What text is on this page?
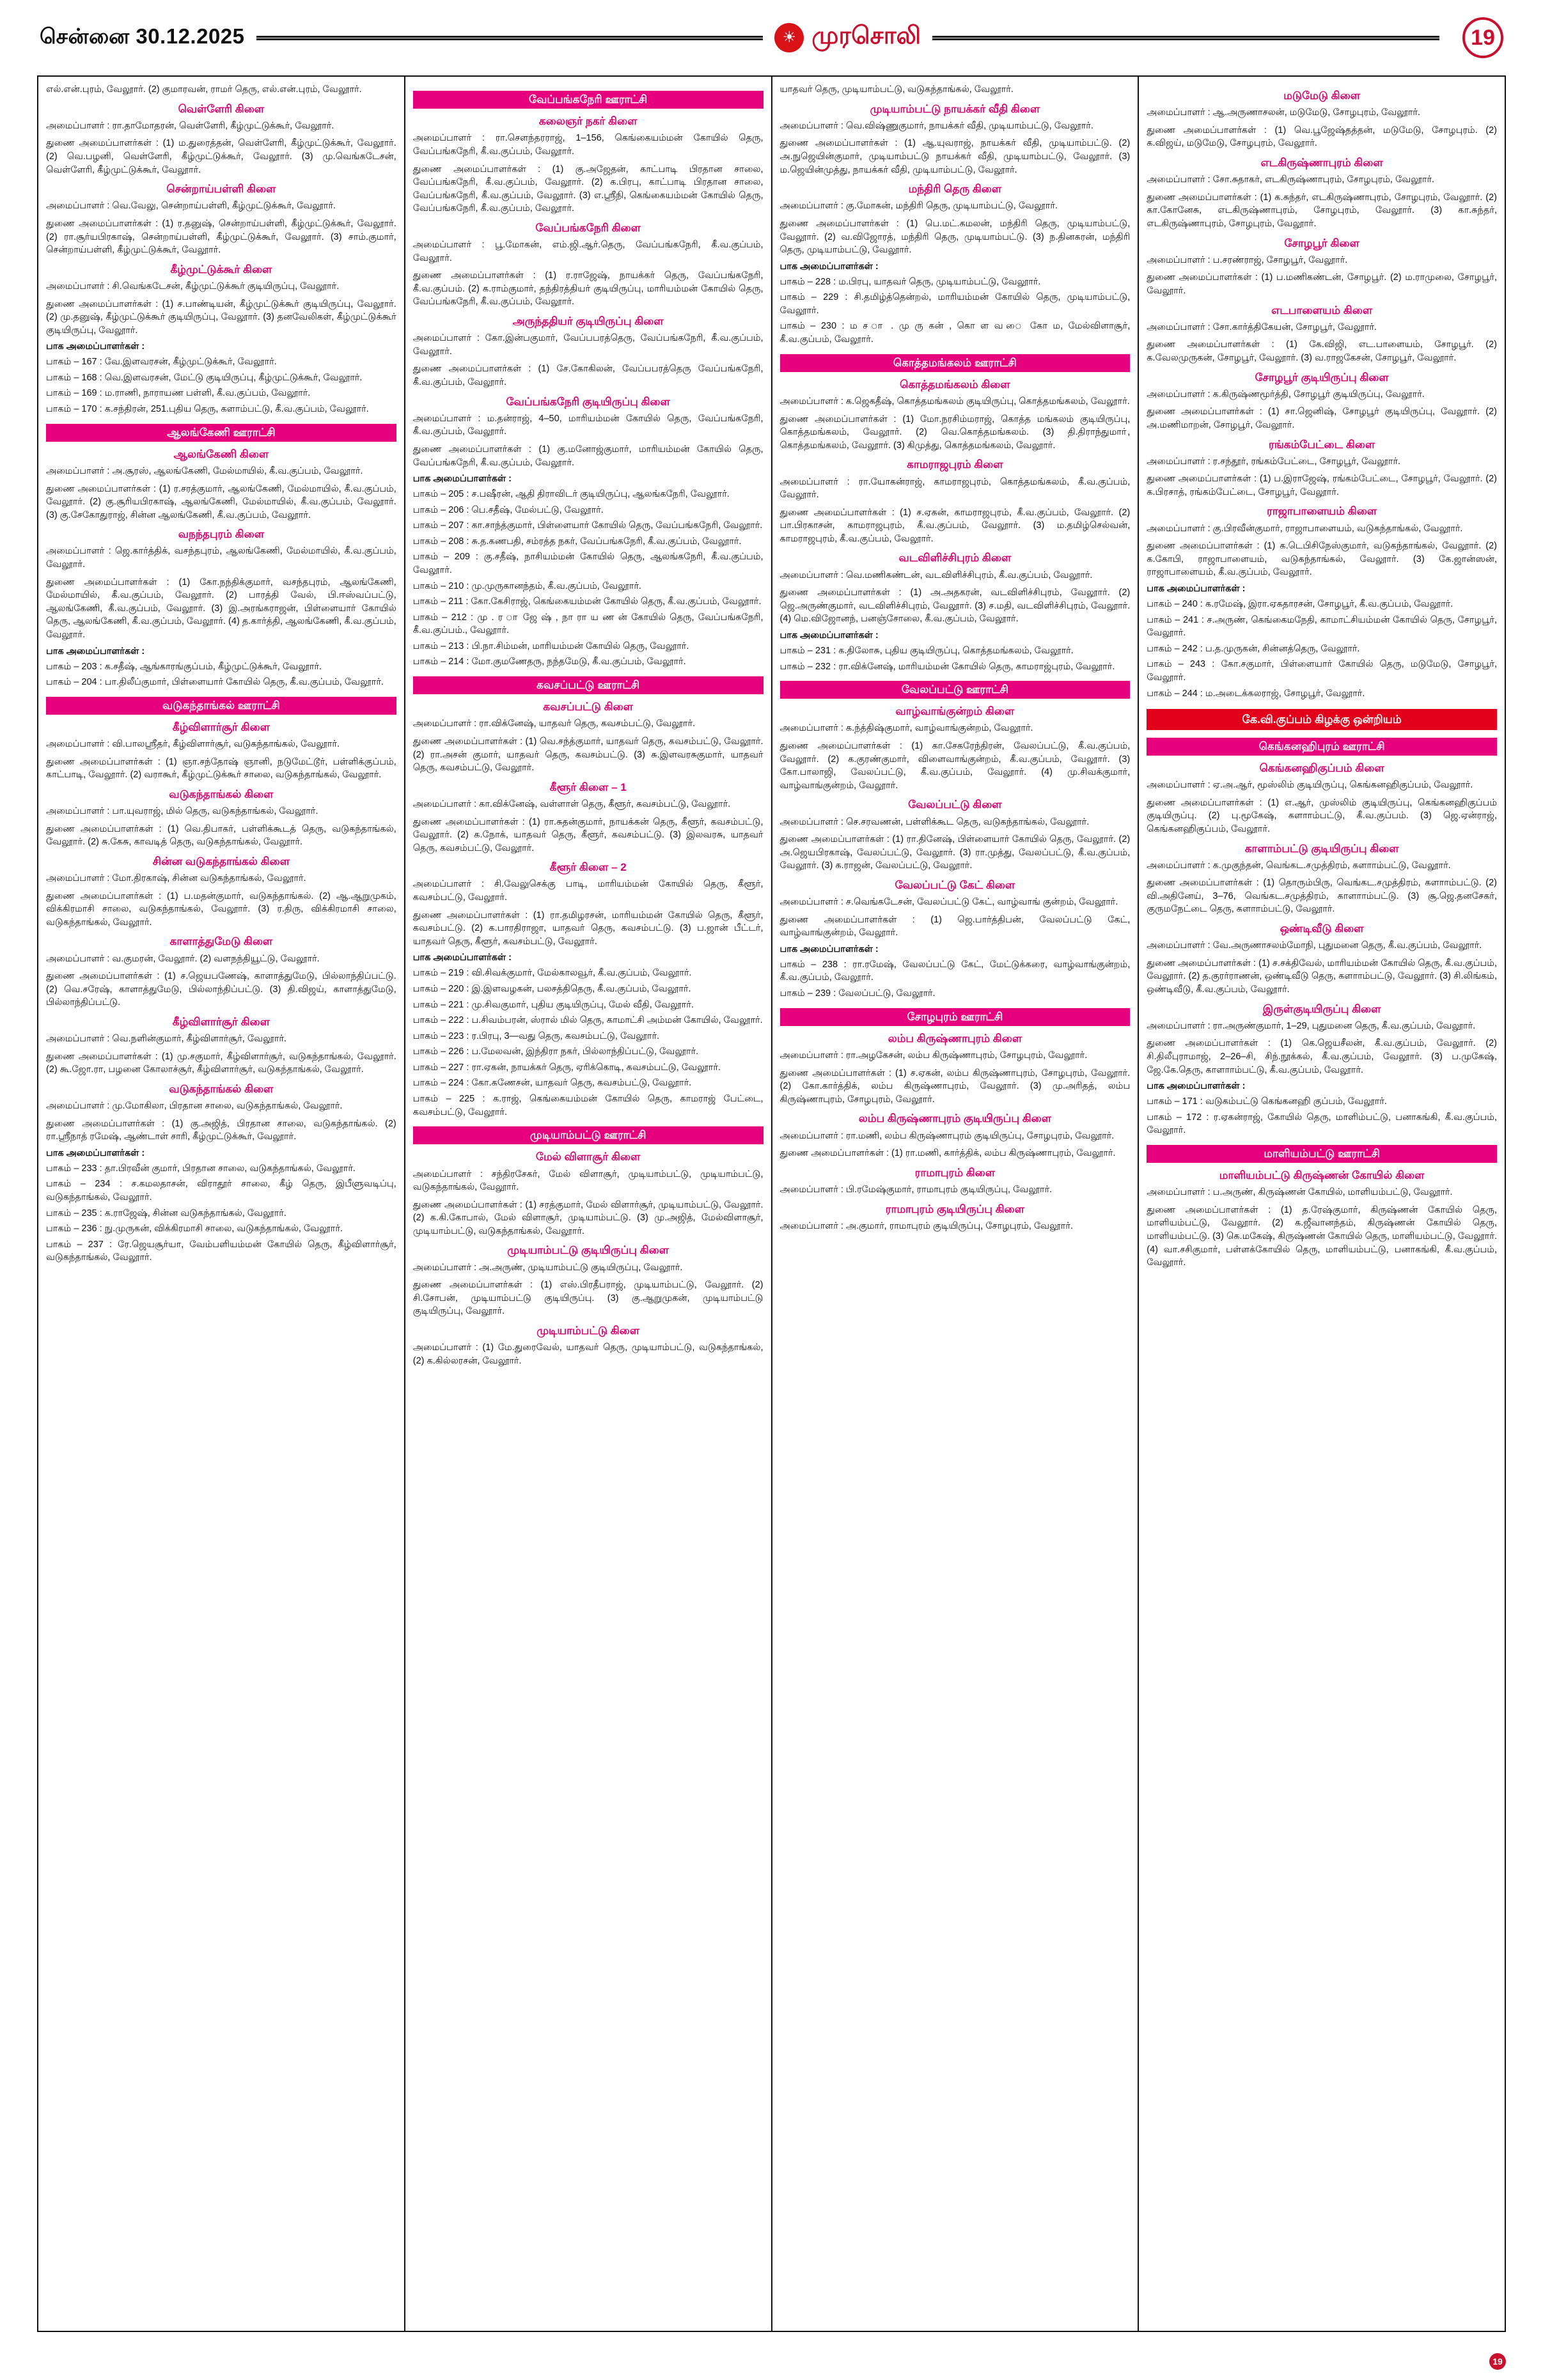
சென்னை 30.12.2025	☀ முரசொலி	19
எல்.என்.புரம், வேலூார். (2) குமாரவன், ராமர் தெரு, எல்.என்.புரம், வேலூார்.
வெள்ளேரி கிளை
அமைப்பாளர் : ரா.தாமோதரன், வெள்ளேரி, கீழ்முட்டுக்கூர், வேலூார்.
துணை அமைப்பாளர்கள் : (1) ம.துரைத்தன், வெள்ளேரி, கீழ்முட்டுக்கூர், வேலூார். (2) வெ.பழனி, வெள்ளேரி, கீழ்முட்டுக்கூர், வேலூார். (3) மு.வெங்கடேசன், வெள்ளேரி, கீழ்முட்டுக்கூர், வேலூார்.
சென்றாய்பள்ளி கிளை
அமைப்பாளர் : வெ.வேலு, சென்றாய்பள்ளி, கீழ்முட்டுக்கூர், வேலூார்.
துணை அமைப்பாளர்கள் : (1) ர.தனுஷ், சென்றாய்பள்ளி, கீழ்முட்டுக்கூர், வேலூார். (2) ரா.சூர்யபிரகாஷ், சென்றாய்பள்ளி, கீழ்முட்டுக்கூர், வேலூார். (3) சாம்.குமார், சென்றாய்பள்ளி, கீழ்முட்டுக்கூர், வேலூார்.
கீழ்முட்டுக்கூர் கிளை
அமைப்பாளர் : சி.வெங்கடேசன், கீழ்முட்டுக்கூர் குடியிருப்பு, வேலூார்.
துணை அமைப்பாளர்கள் : (1) ச.பாண்டியன், கீழ்முட்டுக்கூர் குடியிருப்பு, வேலூார். (2) மு.தனுஷ், கீழ்முட்டுக்கூர் குடியிருப்பு, வேலூார். (3) தனவேலிகள், கீழ்முட்டுக்கூர் குடியிருப்பு, வேலூார்.
பாக அமைப்பாளர்கள் :
பாகம் – 167 : வே.இளவரசன், கீழ்முட்டுக்கூர், வேலூார்.
பாகம் – 168 : வெ.இளவரசன், மேட்டு குடியிருப்பு, கீழ்முட்டுக்கூர், வேலூார்.
பாகம் – 169 : ம.ராணி, நாராயண பள்ளி, கீ.வ.குப்பம், வேலூார்.
பாகம் – 170 : க.சந்திரன், 251.புதிய தெரு, களாம்பட்டு, கீ.வ.குப்பம், வேலூார்.
ஆலங்கேணி ஊராட்சி
ஆலங்கேணி கிளை
அமைப்பாளர் : அ.சூரஸ், ஆலங்கேணி, மேல்மாயில், கீ.வ.குப்பம், வேலூார்.
துணை அமைப்பாளர்கள் : (1) ர.சரத்குமார், ஆலங்கேணி, மேல்மாயில், கீ.வ.குப்பம், வேலூார். (2) கு.சூரியபிரகாஷ், ஆலங்கேணி, மேல்மாயில், கீ.வ.குப்பம், வேலூார். (3) கு.சேகோதுராஜ், சின்ன ஆலங்கேணி, கீ.வ.குப்பம், வேலூார்.
வநந்தபுரம் கிளை
அமைப்பாளர் : ஜெ.கார்த்திக், வசந்தபுரம், ஆலங்கேணி, மேல்மாயில், கீ.வ.குப்பம், வேலூார்.
துணை அமைப்பாளர்கள் : (1) கோ.நந்திக்குமார், வசந்தபுரம், ஆலங்கேணி, மேல்மாயில், கீ.வ.குப்பம், வேலூார். (2) பாரத்தி வேல், பி.ஈஸ்வப்பட்டு, ஆலங்கேணி, கீ.வ.குப்பம், வேலூார். (3) இ.அரங்கராஜன், பிள்ளையார் கோயில் தெரு, ஆலங்கேணி, கீ.வ.குப்பம், வேலூார். (4) த.கார்த்தி, ஆலங்கேணி, கீ.வ.குப்பம், வேலூார்.
பாக அமைப்பாளர்கள் :
பாகம் – 203 : க.சதீஷ், ஆங்காரங்குப்பம், கீழ்முட்டுக்கூர், வேலூார்.
பாகம் – 204 : பா.திலீப்குமார், பிள்ளையார் கோயில் தெரு, கீ.வ.குப்பம், வேலூார்.
வடுகந்தாங்கல் ஊராட்சி
கீழ்விளார்சூர் கிளை
அமைப்பாளர் : வி.பாலஸ்ரீதர், கீழ்விளார்சூர், வடுகந்தாங்கல், வேலூார்.
துணை அமைப்பாளர்கள் : (1) ஞா.சந்தோஷ் ஞானி, நடுமேட்டூர், பள்ளிக்குப்பம், காட்பாடி, வேலூார். (2) வராகூர், கீழ்முட்டுக்கூர் சாலை, வடுகந்தாங்கல், வேலூார்.
வடுகந்தாங்கல் கிளை
அமைப்பாளர் : பா.யுவராஜ், மில் தெரு, வடுகந்தாங்கல், வேலூார்.
துணை அமைப்பாளர்கள் : (1) வெ.திபாகர், பள்ளிக்கூடத் தெரு, வடுகந்தாங்கல், வேலூார். (2) சு.கேசு, காவடித் தெரு, வடுகந்தாங்கல், வேலூார்.
சின்ன வடுகந்தாங்கல் கிளை
அமைப்பாளர் : மோ.திரகாஷ், சின்ன வடுகந்தாங்கல், வேலூார்.
துணை அமைப்பாளர்கள் : (1) ப.மதன்குமார், வடுகந்தாங்கல். (2) ஆ.ஆறுமுகம், விக்கிரமாசி சாலை, வடுகந்தாங்கல், வேலூார். (3) ர.திரு, விக்கிரமாசி சாலை, வடுகந்தாங்கல், வேலூார்.
காளாத்துமேடு கிளை
அமைப்பாளர் : வ.குமரன், வேலூார். (2) வளநந்தியூட்டு, வேலூார்.
துணை அமைப்பாளர்கள் : (1) ச.ஜெயபணேஷ், காளாத்துமேடு, பில்லாந்திப்பட்டு. (2) வெ.சரேஷ், காளாத்துமேடு, பில்லாந்திப்பட்டு. (3) தி.விஜய், காளாத்துமேடு, பில்லாந்திப்பட்டு.
கீழ்விளார்சூர் கிளை
அமைப்பாளர் : வெ.நளின்குமார், கீழ்விளார்சூர், வேலூார்.
துணை அமைப்பாளர்கள் : (1) மு.சகுமார், கீழ்விளார்சூர், வடுகந்தாங்கல், வேலூார். (2) கூ.ஜோ.ரா, பழனை கோலாச்சூர், கீழ்விளார்சூர், வடுகந்தாங்கல், வேலூார்.
வடுகந்தாங்கல் கிளை
அமைப்பாளர் : மு.மோகிலா, பிரதான சாலை, வடுகந்தாங்கல், வேலூார்.
துணை அமைப்பாளர்கள் : (1) கு.அஜித், பிரதான சாலை, வடுகந்தாங்கல். (2) ரா.ஸ்ரீநாத் ரமேஷ், ஆண்டாள் சாரி, கீழ்முட்டுக்கூர், வேலூார்.
பாக அமைப்பாளர்கள் :
பாகம் – 233 : தா.பிரவீன் குமார், பிரதான சாலை, வடுகந்தாங்கல், வேலூார்.
பாகம் – 234 : ச.கமலதாசன், விராதூர் சாலை, கீழ் தெரு, இபீளுவடிப்பு, வடுகந்தாங்கல், வேலூார்.
பாகம் – 235 : க.ராஜேஷ், சின்ன வடுகந்தாங்கல், வேலூார்.
பாகம் – 236 : நு.முருகன், விக்கிரமாசி சாலை, வடுகந்தாங்கல், வேலூார்.
பாகம் – 237 : ரே.ஜெயசூர்யா, வேம்பளியம்மன் கோயில் தெரு, கீழ்விளார்சூர், வடுகந்தாங்கல், வேலூார்.
வேப்பங்கநேரி ஊராட்சி
கலைஞர் நகர் கிளை
அமைப்பாளர் : ரா.செளந்தரராஜ், 1–156, கெங்கையம்மன் கோயில் தெரு, வேப்பங்கநேரி, கீ.வ.குப்பம், வேலூார்.
துணை அமைப்பாளர்கள் : (1) கு.அஜேதன், காட்பாடி பிரதான சாலை, வேப்பங்கநேரி, கீ.வ.குப்பம், வேலூார். (2) க.பிரபு, காட்பாடி பிரதான சாலை, வேப்பங்கநேரி, கீ.வ.குப்பம், வேலூார். (3) எ.ஸ்ரீநி, கெங்கையம்மன் கோயில் தெரு, வேப்பங்கநேரி, கீ.வ.குப்பம், வேலூார்.
வேப்பங்கநேரி கிளை
அமைப்பாளர் : பூ.மோகன், எம்.ஜி.ஆர்.தெரு, வேப்பங்கநேரி, கீ.வ.குப்பம், வேலூார்.
துணை அமைப்பாளர்கள் : (1) ர.ராஜேஷ், நாயக்கர் தெரு, வேப்பங்கநேரி, கீ.வ.குப்பம். (2) க.ராம்குமார், தந்திரத்தியர் குடியிருப்பு, மாரியம்மன் கோயில் தெரு, வேப்பங்கநேரி, கீ.வ.குப்பம், வேலூார்.
அருந்ததியர் குடியிருப்பு கிளை
அமைப்பாளர் : கோ.இன்பகுமார், வேப்பபரத்தெரு, வேப்பங்கநேரி, கீ.வ.குப்பம், வேலூார்.
துணை அமைப்பாளர்கள் : (1) சே.கோகிலன், வேப்பபரத்தெரு வேப்பங்கநேரி, கீ.வ.குப்பம், வேலூார்.
வேப்பங்கநேரி குடியிருப்பு கிளை
அமைப்பாளர் : ம.தன்ராஜ், 4–50, மாரியம்மன் கோயில் தெரு, வேப்பங்கநேரி, கீ.வ.குப்பம், வேலூார்.
துணை அமைப்பாளர்கள் : (1) கு.மனோஜ்குமார், மாரியம்மன் கோயில் தெரு, வேப்பங்கநேரி, கீ.வ.குப்பம், வேலூார்.
பாக அமைப்பாளர்கள் :
பாகம் – 205 : ச.பஷீரன், ஆதி திராவிடர் குடியிருப்பு, ஆலங்கநேரி, வேலூார்.
பாகம் – 206 : பெ.சதீஷ், மேல்பட்டு, வேலூார்.
பாகம் – 207 : கா.சாந்த்குமார், பிள்ளையார் கோயில் தெரு, வேப்பங்கநேரி, வேலூார்.
பாகம் – 208 : சு.த.கணபதி, சம்ரத்த நகர், வேப்பங்கநேரி, கீ.வ.குப்பம், வேலூார்.
பாகம் – 209 : கு.சதீஷ், நாசியம்மன் கோயில் தெரு, ஆலங்கநேரி, கீ.வ.குப்பம், வேலூார்.
பாகம் – 210 : மு.முருகானந்தம், கீ.வ.குப்பம், வேலூார்.
பாகம் – 211 : கோ.கேசிராஜ், கெங்கையம்மன் கோயில் தெரு, கீ.வ.குப்பம், வேலூார்.
பாகம் – 212 : மு . ர ா ஜே ஷ் , நா ரா ய ண ன் கோயில் தெரு, வேப்பங்கநேரி, கீ.வ.குப்பம்., வேலூார்.
பாகம் – 213 : பி.நா.சிம்மன், மாரியம்மன் கோயில் தெரு, வேலூார்.
பாகம் – 214 : மோ.குமணேதரு, நந்தமேடு, கீ.வ.குப்பம், வேலூார்.
கவசப்பட்டு ஊராட்சி
கவசப்பட்டு கிளை
அமைப்பாளர் : ரா.விக்னேஷ், யாதவர் தெரு, கவசம்பட்டு, வேலூார்.
துணை அமைப்பாளர்கள் : (1) வெ.சந்த்குமார், யாதவர் தெரு, கவசம்பட்டு, வேலூார். (2) ரா.அசன் குமார், யாதவர் தெரு, கவசம்பட்டு. (3) சு.இளவரசுகுமார், யாதவர் தெரு, கவசம்பட்டு, வேலூார்.
கீளூர் கிளை – 1
அமைப்பாளர் : கா.விக்னேஷ், வள்ளாள் தெரு, கீளூர், கவசம்பட்டு, வேலூார்.
துணை அமைப்பாளர்கள் : (1) ரா.சுதன்குமார், நாயக்கன் தெரு, கீளூர், கவசம்பட்டு, வேலூார். (2) க.நோக், யாதவர் தெரு, கீளூர், கவசம்பட்டு. (3) இலவரசு, யாதவர் தெரு, கவசம்பட்டு, வேலூார்.
கீளூர் கிளை – 2
அமைப்பாளர் : சி.வேலுசெக்கு பாடி, மாரியம்மன் கோயில் தெரு, கீளூர், கவசம்பட்டு, வேலூார்.
துணை அமைப்பாளர்கள் : (1) ரா.தமிழரசன், மாரியம்மன் கோயில் தெரு, கீளூர், கவசம்பட்டு. (2) க.பாரதிராஜா, யாதவர் தெரு, கவசம்பட்டு. (3) ப.ஜான் பீட்டர், யாதவர் தெரு, கீளூர், கவசம்பட்டு, வேலூார்.
பாக அமைப்பாளர்கள் :
பாகம் – 219 : வி.சிவக்குமார், மேல்காலவூர், கீ.வ.குப்பம், வேலூார்.
பாகம் – 220 : இ.இளவழகன், பலசத்திதெரு, கீ.வ.குப்பம், வேலூார்.
பாகம் – 221 : மு.சிவகுமார், புதிய குடியிருப்பு, மேல் வீதி, வேலூார்.
பாகம் – 222 : ப.சிவம்பரன், ஸ்ரால் மில் தெரு, காமாட்சி அம்மன் கோயில், வேலூார்.
பாகம் – 223 : ர.பிரபு, 3—வது தெரு, கவசம்பட்டு, வேலூார்.
பாகம் – 226 : ப.மேலவன், இந்திரா நகர், பில்லாந்திப்பட்டு, வேலூார்.
பாகம் – 227 : ரா.ஏகன், நாயக்கர் தெரு, ஏரிக்கொடி, கவசம்பட்டு, வேலூார்.
பாகம் – 224 : கோ.கணேசன், யாதவர் தெரு, கவசம்பட்டு, வேலூார்.
பாகம் – 225 : க.ராஜ், கெங்கையம்மன் கோயில் தெரு, காமராஜ் பேட்டை, கவசம்பட்டு, வேலூார்.
முடியாம்பட்டு ஊராட்சி
மேல் விளாசூர் கிளை
அமைப்பாளர் : சந்திரசேகர், மேல் விளாசூர், முடியாம்பட்டு, முடியாம்பட்டு, வடுகந்தாங்கல், வேலூார்.
துணை அமைப்பாளர்கள் : (1) சரத்குமார், மேல் விளார்சூர், முடியாம்பட்டு, வேலூார். (2) க.கி.கோபால், மேல் விளாசூர், முடியாம்பட்டு. (3) மு.அஜித், மேல்விளாசூர், முடியாம்பட்டு, வடுகந்தாங்கல், வேலூார்.
முடியாம்பட்டு குடியிருப்பு கிளை
அமைப்பாளர் : அ.அருண், முடியாம்பட்டு குடியிருப்பு, வேலூார்.
துணை அமைப்பாளர்கள் : (1) எஸ்.பிரதீபராஜ், முடியாம்பட்டு, வேலூார். (2) சி.சோபன், முடியாம்பட்டு குடியிருப்பு. (3) கு.ஆறுமுகன், முடியாம்பட்டு குடியிருப்பு, வேலூார்.
முடியாம்பட்டு கிளை
அமைப்பாளர் : (1) மே.துரைவேல், யாதவர் தெரு, முடியாம்பட்டு, வடுகந்தாங்கல், (2) க.கில்லரசன், வேலூார்.
யாதவர் தெரு, முடியாம்பட்டு, வடுகந்தாங்கல், வேலூார்.
முடியாம்பட்டு நாயக்கர் வீதி கிளை
அமைப்பாளர் : வெ.விஷ்ணுகுமார், நாயக்கர் வீதி, முடியாம்பட்டு, வேலூார்.
துணை அமைப்பாளர்கள் : (1) ஆ.யுவராஜ், நாயக்கர் வீதி, முடியாம்பட்டு. (2) அ.நுஜெயின்குமார், முடியாம்பட்டு நாயக்கர் வீதி, முடியாம்பட்டு, வேலூார். (3) ம.ஜெயின்முத்து, நாயக்கர் வீதி, முடியாம்பட்டு, வேலூார்.
மந்திரி தெரு கிளை
அமைப்பாளர் : கு.மோகன், மந்திரி தெரு, முடியாம்பட்டு, வேலூார்.
துணை அமைப்பாளர்கள் : (1) பெ.மட்.கமலன், மந்திரி தெரு, முடியாம்பட்டு, வேலூார். (2) வ.விஜோரத், மந்திரி தெரு, முடியாம்பட்டு. (3) ந.தினகரன், மந்திரி தெரு, முடியாம்பட்டு, வேலூார்.
பாக அமைப்பாளர்கள் :
பாகம் – 228 : ம.பிரபு, யாதவர் தெரு, முடியாம்பட்டு, வேலூார்.
பாகம் – 229 : சி.தமிழ்த்தென்றல், மாரியம்மன் கோயில் தெரு, முடியாம்பட்டு, வேலூார்.
பாகம் – 230 : ம ச ா . மு ரு கன் , கொ ள வ ை கோ ம, மேல்விளாசூர், கீ.வ.குப்பம், வேலூார்.
கொத்தமங்கலம் ஊராட்சி
கொத்தமங்கலம் கிளை
அமைப்பாளர் : க.ஜெகதீஷ், கொத்தமங்கலம் குடியிருப்பு, கொத்தமங்கலம், வேலூார்.
துணை அமைப்பாளர்கள் : (1) மோ.நரசிம்மராஜ், கொத்த மங்கலம் குடியிருப்பு, கொத்தமங்கலம், வேலூார். (2) வெ.கொத்தமங்கலம். (3) தி.திராந்துமாா், கொத்தமங்கலம், வேலூார். (3) கிமுத்து, கொத்தமங்கலம், வேலூார்.
காமராஜபுரம் கிளை
அமைப்பாளர் : ரா.யோகன்ராஜ், காமராஜபுரம், கொத்தமங்கலம், கீ.வ.குப்பம், வேலூார்.
துணை அமைப்பாளர்கள் : (1) ச.ஏகன், காமராஜபுரம், கீ.வ.குப்பம், வேலூார். (2) பா.பிரகாசன், காமராஜபுரம், கீ.வ.குப்பம், வேலூார். (3) ம.தமிழ்செல்வன், காமராஜபுரம், கீ.வ.குப்பம், வேலூார்.
வடவிளிச்சிபுரம் கிளை
அமைப்பாளர் : வெ.மணிகண்டன், வடவிளிச்சிபுரம், கீ.வ.குப்பம், வேலூார்.
துணை அமைப்பாளர்கள் : (1) அ.அதகரன், வடவிளிச்சிபுரம், வேலூார். (2) ஜெ.அருண்குமார், வடவிளிச்சிபுரம், வேலூார். (3) ச.மதி, வடவிளிச்சிபுரம், வேலூார். (4) மெ.விஜோனந், பனஞ்சோலை, கீ.வ.குப்பம், வேலூார்.
பாக அமைப்பாளர்கள் :
பாகம் – 231 : க.திலோசு, புதிய குடியிருப்பு, கொத்தமங்கலம், வேலூார்.
பாகம் – 232 : ரா.விக்னேஷ், மாரியம்மன் கோயில் தெரு, காமராஜ்புரம், வேலூார்.
வேலப்பட்டு ஊராட்சி
வாழ்வாங்குன்றம் கிளை
அமைப்பாளர் : க.ந்த்திஷ்குமார், வாழ்வாங்குன்றம், வேலூார்.
துணை அமைப்பாளர்கள் : (1) கா.சேகரேந்திரன், வேலப்பட்டு, கீ.வ.குப்பம், வேலூார். (2) க.குரண்குமார், விளைவாங்குன்றம், கீ.வ.குப்பம், வேலூார். (3) கோ.பாலாஜி, வேலப்பட்டு, கீ.வ.குப்பம், வேலூார். (4) மு.சிவக்குமார், வாழ்வாங்குன்றம், வேலூார்.
வேலப்பட்டு கிளை
அமைப்பாளர் : செ.சரவணன், பள்ளிக்கூட தெரு, வடுகந்தாங்கல், வேலூார்.
துணை அமைப்பாளர்கள் : (1) ரா.தினேஷ், பிள்ளையார் கோயில் தெரு, வேலூார். (2) அ.ஜெயபிரகாஷ், வேலப்பட்டு, வேலூார். (3) ரா.முத்து, வேலப்பட்டு, கீ.வ.குப்பம், வேலூார். (3) க.ராஜன், வேலப்பட்டு, வேலூார்.
வேலப்பட்டு கேட் கிளை
அமைப்பாளர் : ச.வெங்கடேசன், வேலப்பட்டு கேட், வாழ்வாங் குன்றம், வேலூார்.
துணை அமைப்பாளர்கள் : (1) ஜெ.பார்த்திபன், வேலப்பட்டு கேட், வாழ்வாங்குன்றம், வேலூார்.
பாக அமைப்பாளர்கள் :
பாகம் – 238 : ரா.ரமேஷ், வேலப்பட்டு கேட், மேட்டுக்கரை, வாழ்வாங்குன்றம், கீ.வ.குப்பம், வேலூார்.
பாகம் – 239 : வேலப்பட்டு, வேலூார்.
சோழபுரம் ஊராட்சி
லம்ப கிருஷ்ணாபுரம் கிளை
அமைப்பாளர் : ரா.அழகேசன், லம்ப கிருஷ்ணாபுரம், சோழபுரம், வேலூார்.
துணை அமைப்பாளர்கள் : (1) ச.ஏகன், லம்ப கிருஷ்ணாபுரம், சோழபுரம், வேலூார். (2) கோ.கார்த்திக், லம்ப கிருஷ்ணாபுரம், வேலூார். (3) மு.அரிதத், லம்ப கிருஷ்ணாபுரம், சோழபுரம், வேலூார்.
லம்ப கிருஷ்ணாபுரம் குடியிருப்பு கிளை
அமைப்பாளர் : ரா.மணி, லம்ப கிருஷ்ணாபுரம் குடியிருப்பு, சோழபுரம், வேலூார்.
துணை அமைப்பாளர்கள் : (1) ரா.மணி, கார்த்திக், லம்ப கிருஷ்ணாபுரம், வேலூார்.
ராமாபுரம் கிளை
அமைப்பாளர் : பி.ரமேஷ்குமார், ராமாபுரம் குடியிருப்பு, வேலூார்.
ராமாபுரம் குடியிருப்பு கிளை
அமைப்பாளர் : அ.குமார், ராமாபுரம் குடியிருப்பு, சோழபுரம், வேலூார்.
மடுமேடு கிளை
அமைப்பாளர் : ஆ.அருணாசலன், மடுமேடு, சோழபுரம், வேலூார்.
துணை அமைப்பாளர்கள் : (1) வெ.பூஜேஷ்தத்தன், மடுமேடு, சோழபுரம். (2) க.விஜய், மடுமேடு, சோழபுரம், வேலூார்.
எடகிருஷ்ணாபுரம் கிளை
அமைப்பாளர் : சோ.சுதாகர், எடகிருஷ்ணாபுரம், சோழபுரம், வேலூார்.
துணை அமைப்பாளர்கள் : (1) க.சுந்தர், எடகிருஷ்ணாபுரம், சோழபுரம், வேலூார். (2) கா.கோனேசு, எடகிருஷ்ணாபுரம், சோழபுரம், வேலூார். (3) கா.சுந்தர், எடகிருஷ்ணாபுரம், சோழபுரம், வேலூார்.
சோழபூர் கிளை
அமைப்பாளர் : ப.சரண்ராஜ், சோழபூர், வேலூார்.
துணை அமைப்பாளர்கள் : (1) ப.மணிகண்டன், சோழபூர். (2) ம.ராமுலை, சோழபூர், வேலூார்.
எடபாளையம் கிளை
அமைப்பாளர் : சோ.கார்த்திகேயன், சோழபூர், வேலூார்.
துணை அமைப்பாளர்கள் : (1) கே.விஜி, எட.பாளையம், சோழபூர். (2) க.வேலமுருகன், சோழபூர், வேலூார். (3) வ.ராஜகேசன், சோழபூர், வேலூார்.
சோழபூர் குடியிருப்பு கிளை
அமைப்பாளர் : க.கிருஷ்ணமூர்த்தி, சோழபூர் குடியிருப்பு, வேலூார்.
துணை அமைப்பாளர்கள் : (1) சா.ஜெனிஷ், சோழபூர் குடியிருப்பு, வேலூார். (2) அ.மணிமாறன், சோழபூர், வேலூார்.
ரங்கம்பேட்டை கிளை
அமைப்பாளர் : ர.சந்தூர், ரங்கம்பேட்டை, சோழபூர், வேலூார்.
துணை அமைப்பாளர்கள் : (1) ப.இராஜேஷ், ரங்கம்பேட்டை, சோழபூர், வேலூார். (2) க.பிரசாத், ரங்கம்பேட்டை, சோழபூர், வேலூார்.
ராஜாபாளையம் கிளை
அமைப்பாளர் : கு.பிரவீன்குமார், ராஜாபாளையம், வடுகந்தாங்கல், வேலூார்.
துணை அமைப்பாளர்கள் : (1) க.டெபிசிநேஸ்குமார், வடுகந்தாங்கல், வேலூார். (2) க.கோபி, ராஜாபாளையம், வடுகந்தாங்கல், வேலூார். (3) கே.ஜான்ஸன், ராஜாபாளையம், கீ.வ.குப்பம், வேலூார்.
பாக அமைப்பாளர்கள் :
பாகம் – 240 : க.ரமேஷ், இரா.ஏகதாரசன், சோழபூர், கீ.வ.குப்பம், வேலூார்.
பாகம் – 241 : ச.அருண், கெங்கைமநேதி, காமாட்சியம்மன் கோயில் தெரு, சோழபூர், வேலூார்.
பாகம் – 242 : ப.த.முருகன், சின்னத்தெரு, வேலூார்.
பாகம் – 243 : கோ.சகுமார், பிள்ளையார் கோயில் தெரு, மடுமேடு, சோழபூர், வேலூார்.
பாகம் – 244 : ம.அடைக்கலராஜ், சோழபூர், வேலூார்.
கே.வி.குப்பம் கிழக்கு ஒன்றியம்
கெங்கனஹிபுரம் ஊராட்சி
கெங்கனஹிகுப்பம் கிளை
அமைப்பாளர் : ஏ.அ.ஆர், மூஸ்லிம் குடியிருப்பு, கெங்கனஹிகுப்பம், வேலூார்.
துணை அமைப்பாளர்கள் : (1) எ.ஆர், முஸ்லிம் குடியிருப்பு, கெங்கனஹிகுப்பம் குடியிருப்பு. (2) பு.மூகேஷ், களாாம்பட்டு, கீ.வ.குப்பம். (3) ஜெ.ஏன்ராஜ், கெங்கனஹிகுப்பம், வேலூார்.
காளாம்பட்டு குடியிருப்பு கிளை
அமைப்பாளர் : க.முகுந்தன், வெங்கட.சமுத்திரம், களாாம்பட்டு, வேலூார்.
துணை அமைப்பாளர்கள் : (1) தொரும்பிரு, வெங்கட.சமுத்திரம், களாாம்பட்டு. (2) வி.அதினேய், 3–76, வெங்கட.சமுத்திரம், காளாாம்பட்டு. (3) சூ.ஜெ.தனசேகர், குருமநேட்டை தெரு, களாாம்பட்டு, வேலூார்.
ஒண்டிவீடு கிளை
அமைப்பாளர் : வே.அருணாசலம்மோநி, புதுமனை தெரு, கீ.வ.குப்பம், வேலூார்.
துணை அமைப்பாளர்கள் : (1) ச.சக்திவேல், மாரியம்மன் கோயில் தெரு, கீ.வ.குப்பம், வேலூார். (2) த.குரர்ராணன், ஒண்டிவீடு தெரு, களாாம்பட்டு, வேலூார். (3) சி.லிங்கம், ஒண்டிவீடு, கீ.வ.குப்பம், வேலூார்.
இருள்குடியிருப்பு கிளை
அமைப்பாளர் : ரா.அருண்குமார், 1–29, புதுமனை தெரு, கீ.வ.குப்பம், வேலூார்.
துணை அமைப்பாளர்கள் : (1) கெ.ஜெயசீலன், கீ.வ.குப்பம், வேலூார். (2) சி.திலீபுராமாஜ், 2–26–சி, சிந்.நூக்கல், கீ.வ.குப்பம், வேலூார். (3) ப.முகேஷ், ஜே.கே.தெரு, காளாாம்பட்டு, கீ.வ.குப்பம், வேலூார்.
பாக அமைப்பாளர்கள் :
பாகம் – 171 : வடுகம்பட்டு கெங்கனஹி குப்பம், வேலூார்.
பாகம் – 172 : ர.ஏகன்ராஜ், கோயில் தெரு, மாளிம்பட்டு, பனாகங்கி, கீ.வ.குப்பம், வேலூார்.
மாளியம்பட்டு ஊராட்சி
மாளியம்பட்டு கிருஷ்ணன் கோயில் கிளை
அமைப்பாளர் : ப.அருண், கிருஷ்ணன் கோயில், மாளியம்பட்டு, வேலூார்.
துணை அமைப்பாளர்கள் : (1) த.ரேஷ்குமார், கிருஷ்ணன் கோயில் தெரு, மாளியம்பட்டு, வேலூார். (2) க.ஜீவானந்தம், கிருஷ்ணன் கோயில் தெரு, மாளியம்பட்டு. (3) கெ.மகேஷ், கிருஷ்ணன் கோயில் தெரு, மாளியம்பட்டு, வேலூார். (4) வா.சசிகுமார், பள்ளக்கோயில் தெரு, மாளியம்பட்டு, பனாகங்கி, கீ.வ.குப்பம், வேலூார்.
19
